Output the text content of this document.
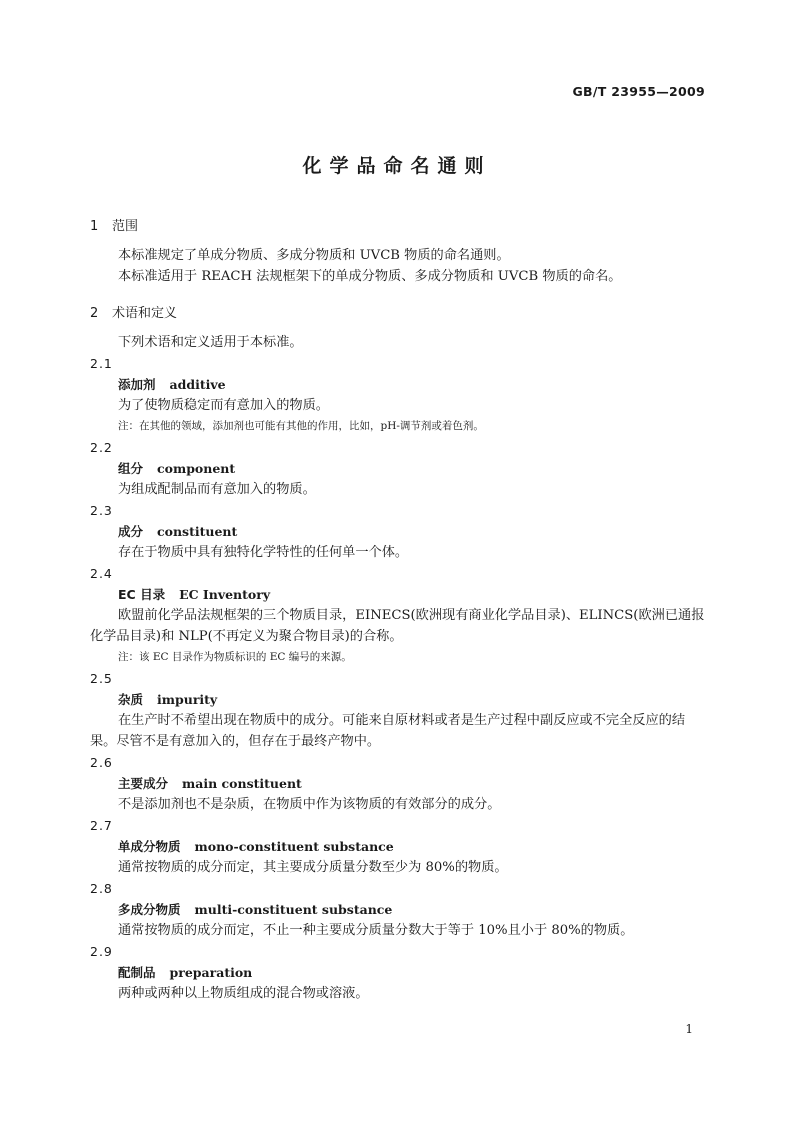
GB/T 23955—2009
化学品命名通则
1 范围

本标准规定了单成分物质、多成分物质和 UVCB 物质的命名通则。

本标准适用于 REACH 法规框架下的单成分物质、多成分物质和 UVCB 物质的命名。

2 术语和定义

下列术语和定义适用于本标准。

2.1
添加剂 additive

为了使物质稳定而有意加入的物质。

注：在其他的领域，添加剂也可能有其他的作用，比如，pH-调节剂或着色剂。
2.2
组分 component

为组成配制品而有意加入的物质。

2.3
成分 constituent

存在于物质中具有独特化学特性的任何单一个体。

2.4
EC 目录 EC Inventory

欧盟前化学品法规框架的三个物质目录，EINECS(欧洲现有商业化学品目录)、ELINCS(欧洲已通报化学品目录)和 NLP(不再定义为聚合物目录)的合称。

注：该 EC 目录作为物质标识的 EC 编号的来源。
2.5
杂质 impurity

在生产时不希望出现在物质中的成分。可能来自原材料或者是生产过程中副反应或不完全反应的结果。尽管不是有意加入的，但存在于最终产物中。

2.6
主要成分 main constituent

不是添加剂也不是杂质，在物质中作为该物质的有效部分的成分。

2.7
单成分物质 mono-constituent substance

通常按物质的成分而定，其主要成分质量分数至少为 80%的物质。

2.8
多成分物质 multi-constituent substance

通常按物质的成分而定，不止一种主要成分质量分数大于等于 10%且小于 80%的物质。

2.9
配制品 preparation

两种或两种以上物质组成的混合物或溶液。

1
